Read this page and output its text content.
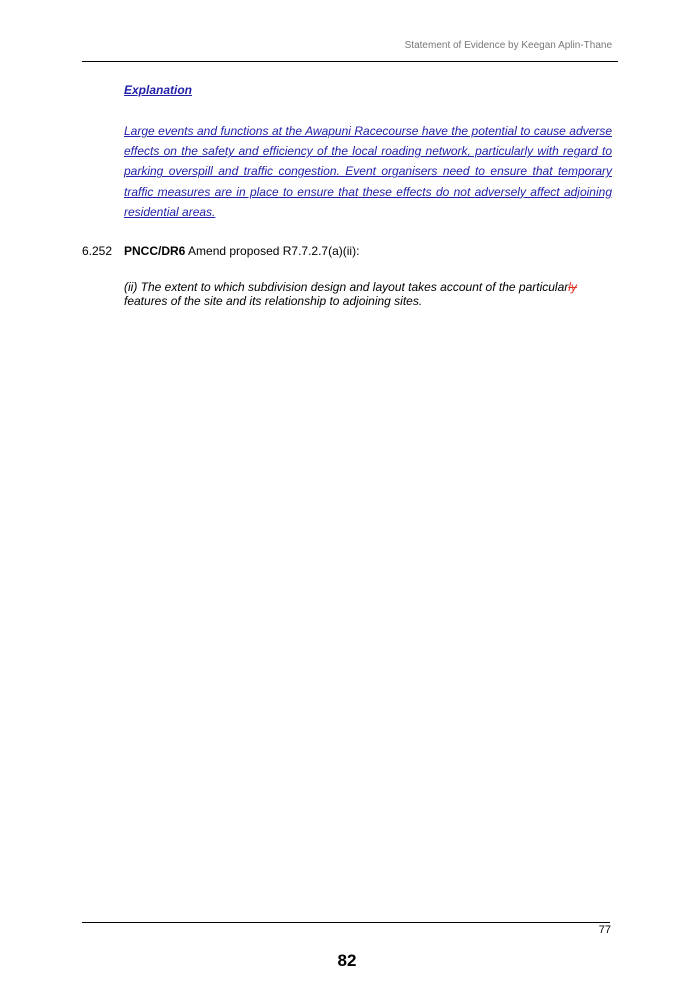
Statement of Evidence by Keegan Aplin-Thane
Explanation
Large events and functions at the Awapuni Racecourse have the potential to cause adverse effects on the safety and efficiency of the local roading network, particularly with regard to parking overspill and traffic congestion. Event organisers need to ensure that temporary traffic measures are in place to ensure that these effects do not adversely affect adjoining residential areas.
6.252 PNCC/DR6 Amend proposed R7.7.2.7(a)(ii):
(ii) The extent to which subdivision design and layout takes account of the particularly features of the site and its relationship to adjoining sites.
77
82
